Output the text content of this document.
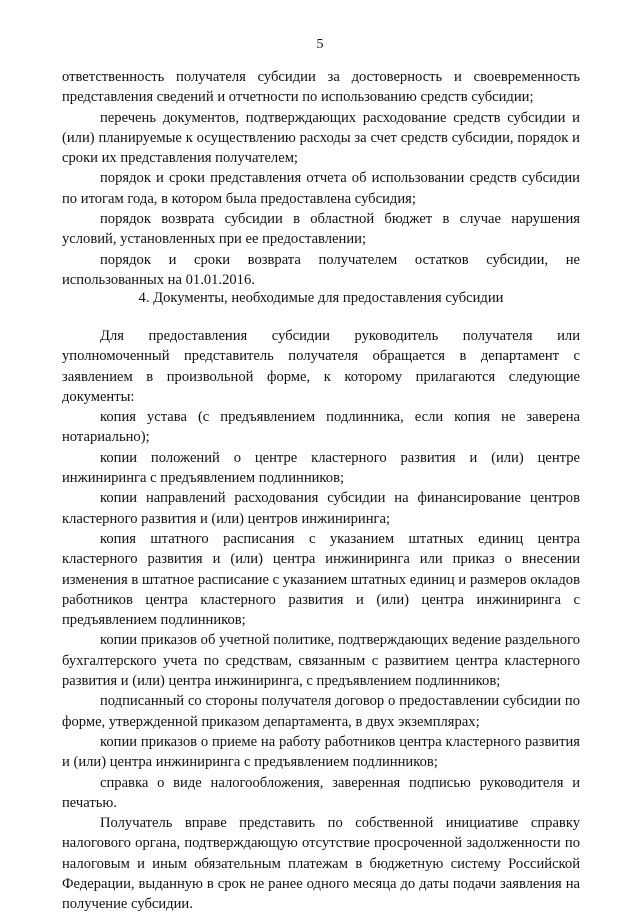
5

ответственность получателя субсидии за достоверность и своевременность представления сведений и отчетности по использованию средств субсидии;

перечень документов, подтверждающих расходование средств субсидии и (или) планируемые к осуществлению расходы за счет средств субсидии, порядок и сроки их представления получателем;

порядок и сроки представления отчета об использовании средств субсидии по итогам года, в котором была предоставлена субсидия;

порядок возврата субсидии в областной бюджет в случае нарушения условий, установленных при ее предоставлении;

порядок и сроки возврата получателем остатков субсидии, не использованных на 01.01.2016.

4. Документы, необходимые для предоставления субсидии

Для предоставления субсидии руководитель получателя или уполномоченный представитель получателя обращается в департамент с заявлением в произвольной форме, к которому прилагаются следующие документы:

копия устава (с предъявлением подлинника, если копия не заверена нотариально);

копии положений о центре кластерного развития и (или) центре инжиниринга с предъявлением подлинников;

копии направлений расходования субсидии на финансирование центров кластерного развития и (или) центров инжиниринга;

копия штатного расписания с указанием штатных единиц центра кластерного развития и (или) центра инжиниринга или приказ о внесении изменения в штатное расписание с указанием штатных единиц и размеров окладов работников центра кластерного развития и (или) центра инжиниринга с предъявлением подлинников;

копии приказов об учетной политике, подтверждающих ведение раздельного бухгалтерского учета по средствам, связанным с развитием центра кластерного развития и (или) центра инжиниринга, с предъявлением подлинников;

подписанный со стороны получателя договор о предоставлении субсидии по форме, утвержденной приказом департамента, в двух экземплярах;

копии приказов о приеме на работу работников центра кластерного развития и (или) центра инжиниринга с предъявлением подлинников;

справка о виде налогообложения, заверенная подписью руководителя и печатью.

Получатель вправе представить по собственной инициативе справку налогового органа, подтверждающую отсутствие просроченной задолженности по налоговым и иным обязательным платежам в бюджетную систему Российской Федерации, выданную в срок не ранее одного месяца до даты подачи заявления на получение субсидии.
